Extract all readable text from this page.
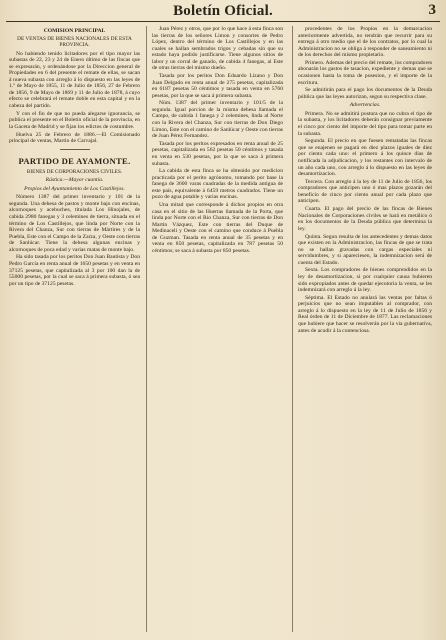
Boletín Oficial.	3
COMISION PRINCIPAL
DE VENTAS DE BIENES NACIONALES DE ESTA PROVINCIA.

No habiendo tenido licitadores por el tipo mayor las subastas de 22, 23 y 24 de Enero último de las fincas que se expresarán, y ordenándose por la Direccion general de Propiedades en 6 del presente el remate de ellas, se sacan á nueva subasta con arreglo á lo dispuesto en las leyes de 1.º de Mayo de 1855, 11 de Julio de 1856, 27 de Febrero de 1856, 9 de Mayo de 1869 y 11 de Julio de 1878, á cuyo efecto se celebrará el remate doble en esta capital y en la cabeza del partido.

Y con el fin de que no pueda alegarse ignorancia, se publica el presente en el Boletín oficial de la provincia, en la Gaceta de Madrid y se fijan los edictos de costumbre.

Huelva 25 de Febrero de 1886.—El Comisionado principal de ventas, Martin de Carvajal.

PARTIDO DE AYAMONTE.
BIENES DE CORPORACIONES CIVILES.
Rústica.—Mayor cuantía.
Propios del Ayuntamiento de Los Castillejos.

Número 1387 del primer inventario y 101 de la segunda. Una dehesa de pastos y monte bajo con encinas, alcornoques y acebuches, titulada Los Hinojales, de cabida 2980 fanegas y 3 celemines de tierra, situada en el término de Los Castillejos, que linda por Norte con la Rivera del Chanza, Sur con tierras de Mártires y de la Puebla, Este con el Campo de la Zarza, y Oeste con tierras de Sanlúcar. Tiene la dehesa algunas encinas y alcornoques de poca edad y varias matas de monte bajo.

Ha sido tasada por los peritos Don Juan Bautista y Don Pedro García en renta anual de 1650 pesetas y en venta en 37125 pesetas, que capitalizada al 3 por 100 dan la de 55000 pesetas, por la cual se saca á primera subasta, ó sea por un tipo de 37125 pesetas.

Juan Pérez y otros, que por lo que hace á esta finca son las tierras de los señores Limon y consortes de Pedro López, dentro del término de Los Castillejos y en las cuales se hallan sembrados trigos y cebadas sin que su estado haya podido justificarse. Tiene algunos sitios de labor y un corral de ganado, de cabida 4 fanegas, al Este de otras tierras del mismo dueño.

Tasada por los peritos Don Eduardo Lizano y Don Juan Delgado en renta anual de 275 pesetas, capitalizada en 6187 pesetas 50 céntimos y tasada en venta en 5760 pesetas, por la que se saca á primera subasta.

Núm. 1387 del primer inventario y 101/5 de la segunda. Igual porcion de la misma dehesa llamada el Campo, de cabida 1 fanega y 2 celemines, linda al Norte con la Rivera del Chanza, Sur con tierras de Don Diego Limon, Este con el camino de Sanlúcar y Oeste con tierras de Juan Pérez Fernandez.

Tasada por los peritos expresados en renta anual de 25 pesetas, capitalizada en 562 pesetas 50 céntimos y tasada en venta en 530 pesetas, por la que se saca á primera subasta.

La cabida de esta finca se ha obtenido por medicion practicada por el perito agrónomo, tomando por base la fanega de 3600 varas cuadradas de la medida antigua de este país, equivalente á 6459 metros cuadrados. Tiene un pozo de agua potable y varias encinas.

Una mitad que corresponde á dichos propios en otra casa en el sitio de las Huertas llamada de la Porta, que linda por Norte con el Rio Chanza, Sur con tierras de Don Martin Vázquez, Este con tierras del Duque de Medinaceli y Oeste con el camino que conduce á Puebla de Guzman. Tasada en renta anual de 35 pesetas y en venta en 850 pesetas, capitalizada en 787 pesetas 50 céntimos; se saca á subasta por 850 pesetas.

procedentes de los Propios en la demarcacion anteriormente advertida, no tendrán que recurrir para su entrega á otro medio que el de los contratos, por lo cual la Administracion no se obliga á responder de saneamiento ni de los derechos del mismo propietario.

Primero. Ademas del precio del remate, los compradores abonarán los gastos de tasacion, expediente y demas que se ocasionen hasta la toma de posesion, y el importe de la escritura.

Se admitirán para el pago los documentos de la Deuda pública que las leyes autorizan, segun su respectiva clase.

Advertencias.

Primera. No se admitirá postura que no cubra el tipo de la subasta, y los licitadores deberán consignar previamente el cinco por ciento del importe del tipo para tomar parte en la subasta.

Segunda. El precio en que fuesen rematadas las fincas que se enajenen se pagará en diez plazos iguales de diez por ciento cada uno: el primero á los quince dias de notificada la adjudicacion, y los restantes con intervalo de un año cada uno, con arreglo á lo dispuesto en las leyes de desamortizacion.

Tercera. Con arreglo á la ley de 11 de Julio de 1856, los compradores que anticipen uno ó mas plazos gozarán del beneficio de cinco por ciento anual por cada plazo que anticipen.

Cuarta. El pago del precio de las fincas de Bienes Nacionales de Corporaciones civiles se hará en metálico ó en los documentos de la Deuda pública que determina la ley.

Quinta. Segun resulta de los antecedentes y demas datos que existen en la Administracion, las fincas de que se trata no se hallan gravadas con cargas especiales ni servidumbres, y si apareciesen, la indemnizacion será de cuenta del Estado.

Sexta. Los compradores de bienes comprendidos en la ley de desamortizacion, si por cualquier causa hubieren sido expropiados antes de quedar ejecutoria la venta, se les indemnizará con arreglo á la ley.

Séptima. El Estado no anulará las ventas por faltas ó perjuicios que no sean imputables al comprador, con arreglo á lo dispuesto en la ley de 11 de Julio de 1856 y Real órden de 11 de Diciembre de 1877. Las reclamaciones que hubiere que hacer se resolverán por la via gubernativa, antes de acudir á la contenciosa.
